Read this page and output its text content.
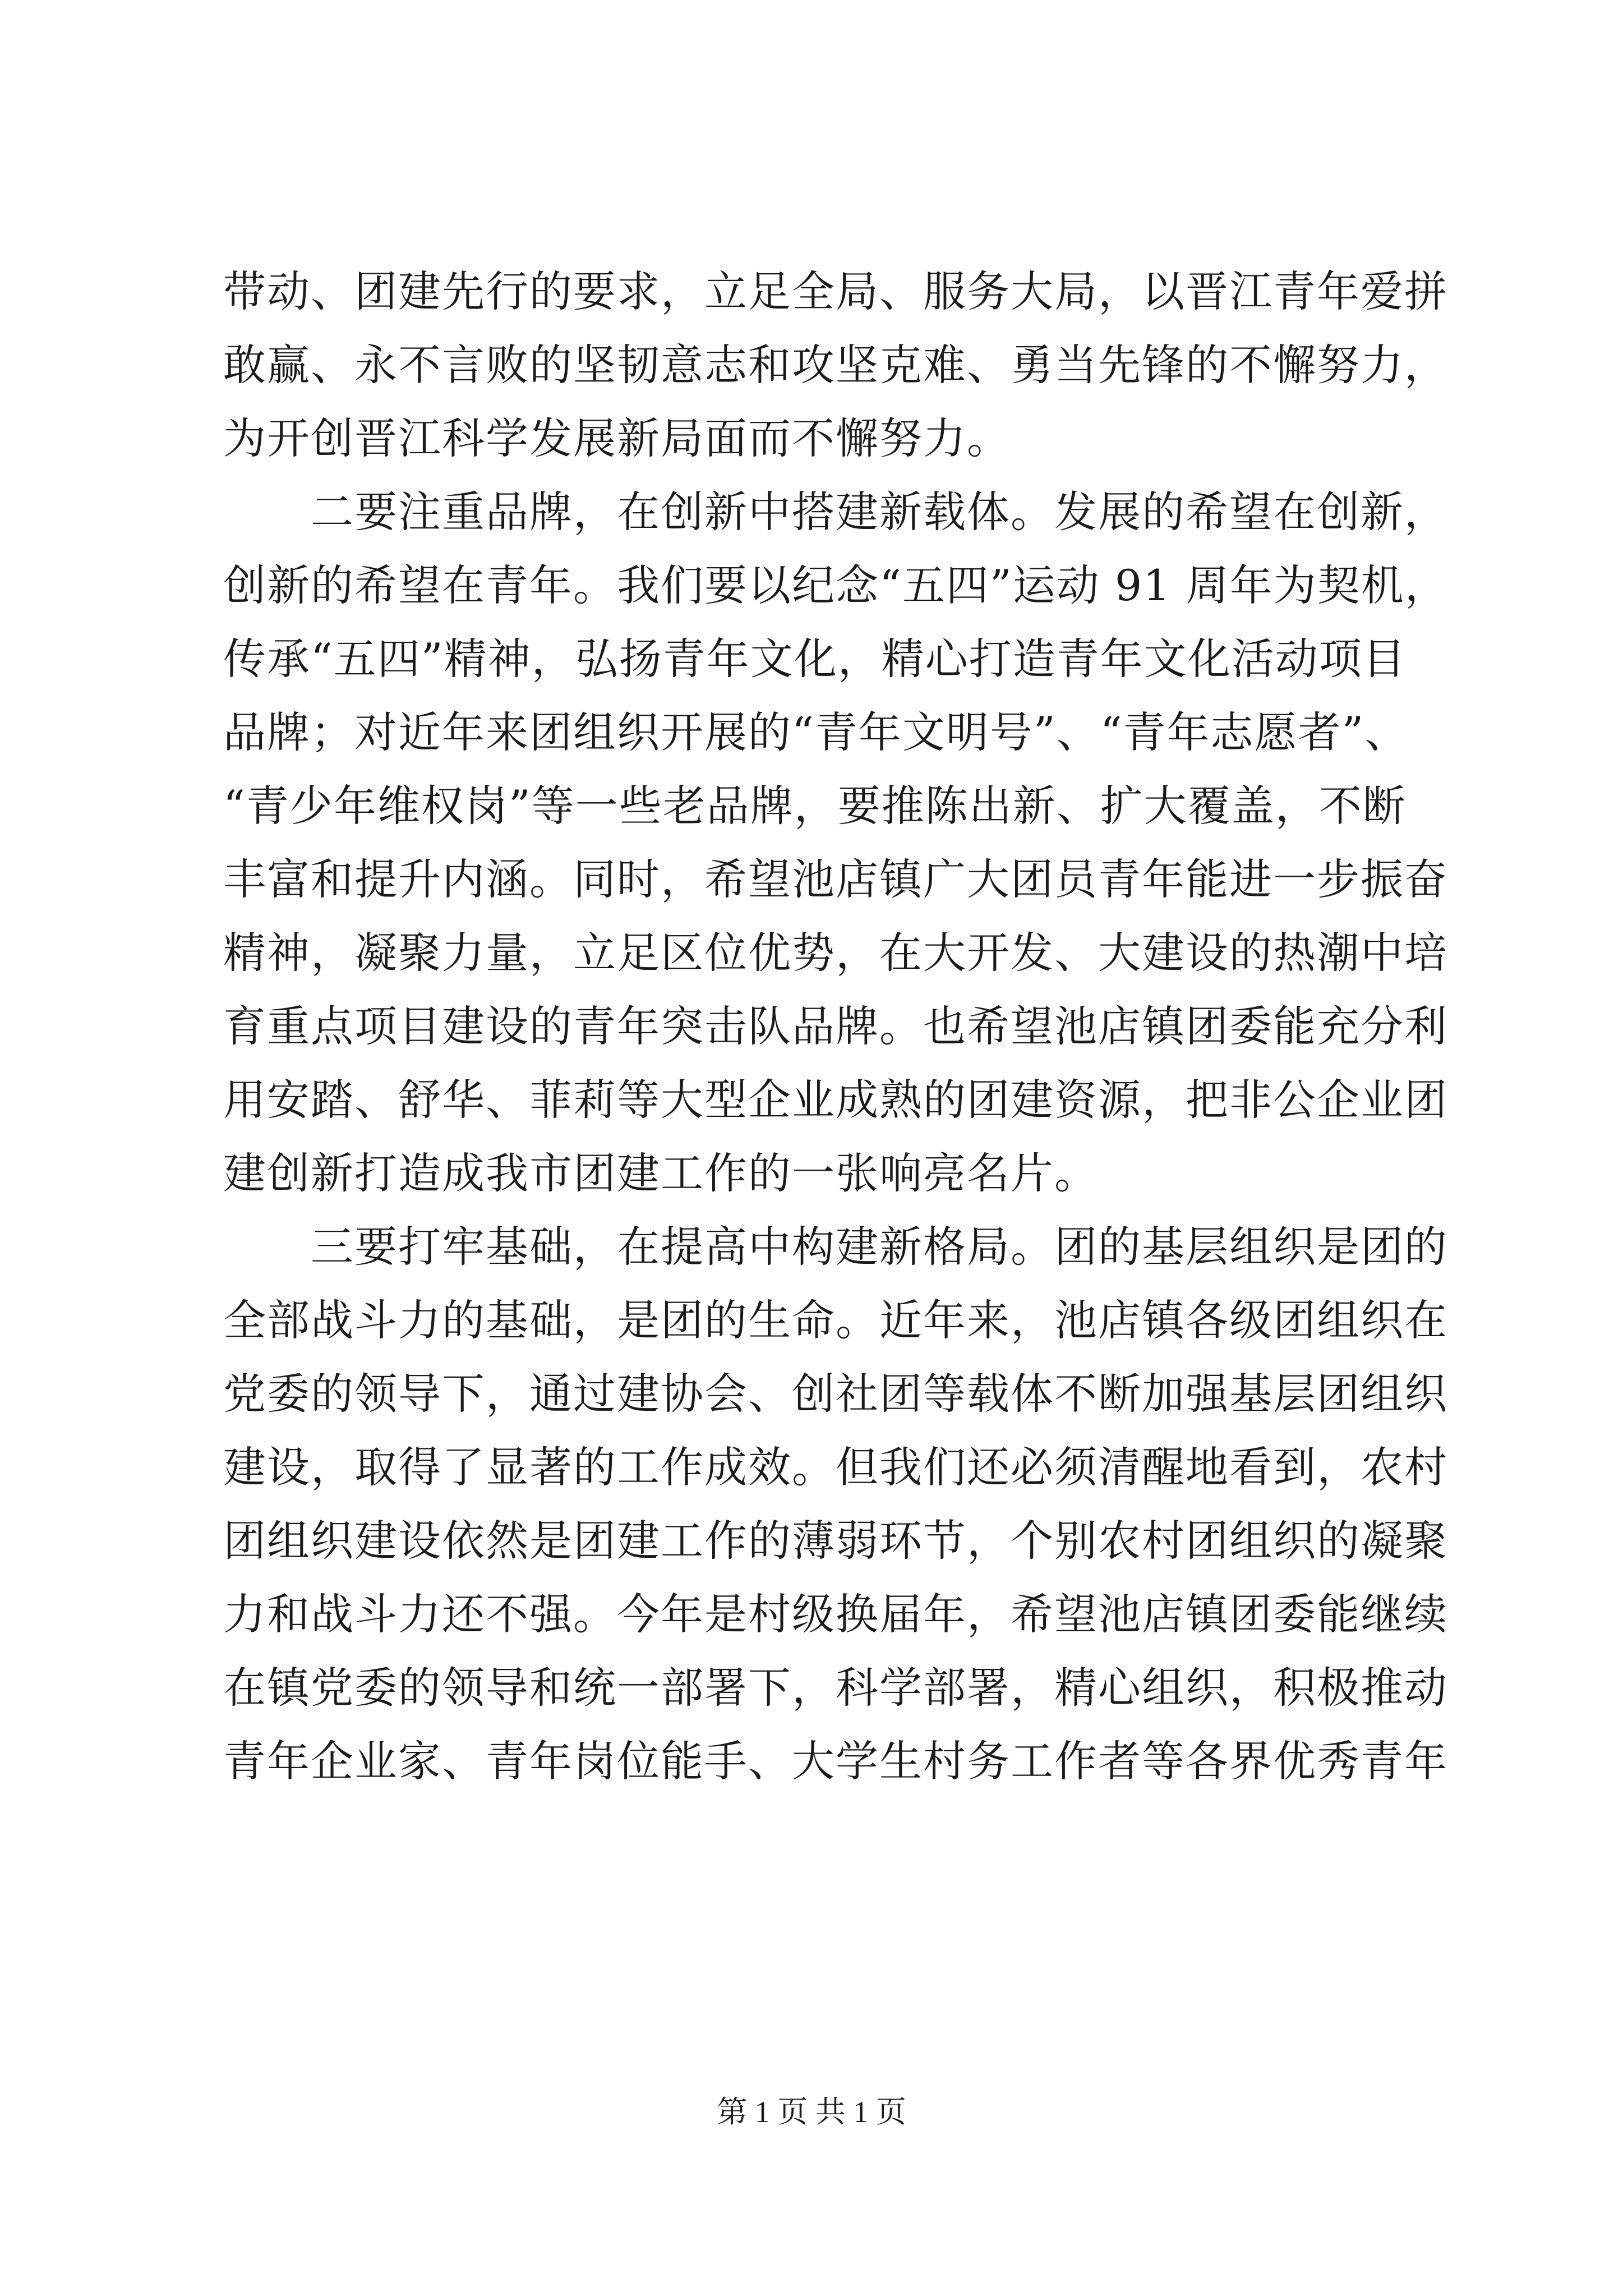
带动、团建先行的要求，立足全局、服务大局，以晋江青年爱拼
敢赢、永不言败的坚韧意志和攻坚克难、勇当先锋的不懈努力，
为开创晋江科学发展新局面而不懈努力。
　　二要注重品牌，在创新中搭建新载体。发展的希望在创新，
创新的希望在青年。我们要以纪念“五四”运动 91 周年为契机，
传承“五四”精神，弘扬青年文化，精心打造青年文化活动项目
品牌；对近年来团组织开展的“青年文明号”、“青年志愿者”、
“青少年维权岗”等一些老品牌，要推陈出新、扩大覆盖，不断
丰富和提升内涵。同时，希望池店镇广大团员青年能进一步振奋
精神，凝聚力量，立足区位优势，在大开发、大建设的热潮中培
育重点项目建设的青年突击队品牌。也希望池店镇团委能充分利
用安踏、舒华、菲莉等大型企业成熟的团建资源，把非公企业团
建创新打造成我市团建工作的一张响亮名片。
　　三要打牢基础，在提高中构建新格局。团的基层组织是团的
全部战斗力的基础，是团的生命。近年来，池店镇各级团组织在
党委的领导下，通过建协会、创社团等载体不断加强基层团组织
建设，取得了显著的工作成效。但我们还必须清醒地看到，农村
团组织建设依然是团建工作的薄弱环节，个别农村团组织的凝聚
力和战斗力还不强。今年是村级换届年，希望池店镇团委能继续
在镇党委的领导和统一部署下，科学部署，精心组织，积极推动
青年企业家、青年岗位能手、大学生村务工作者等各界优秀青年
第 1 页 共 1 页
